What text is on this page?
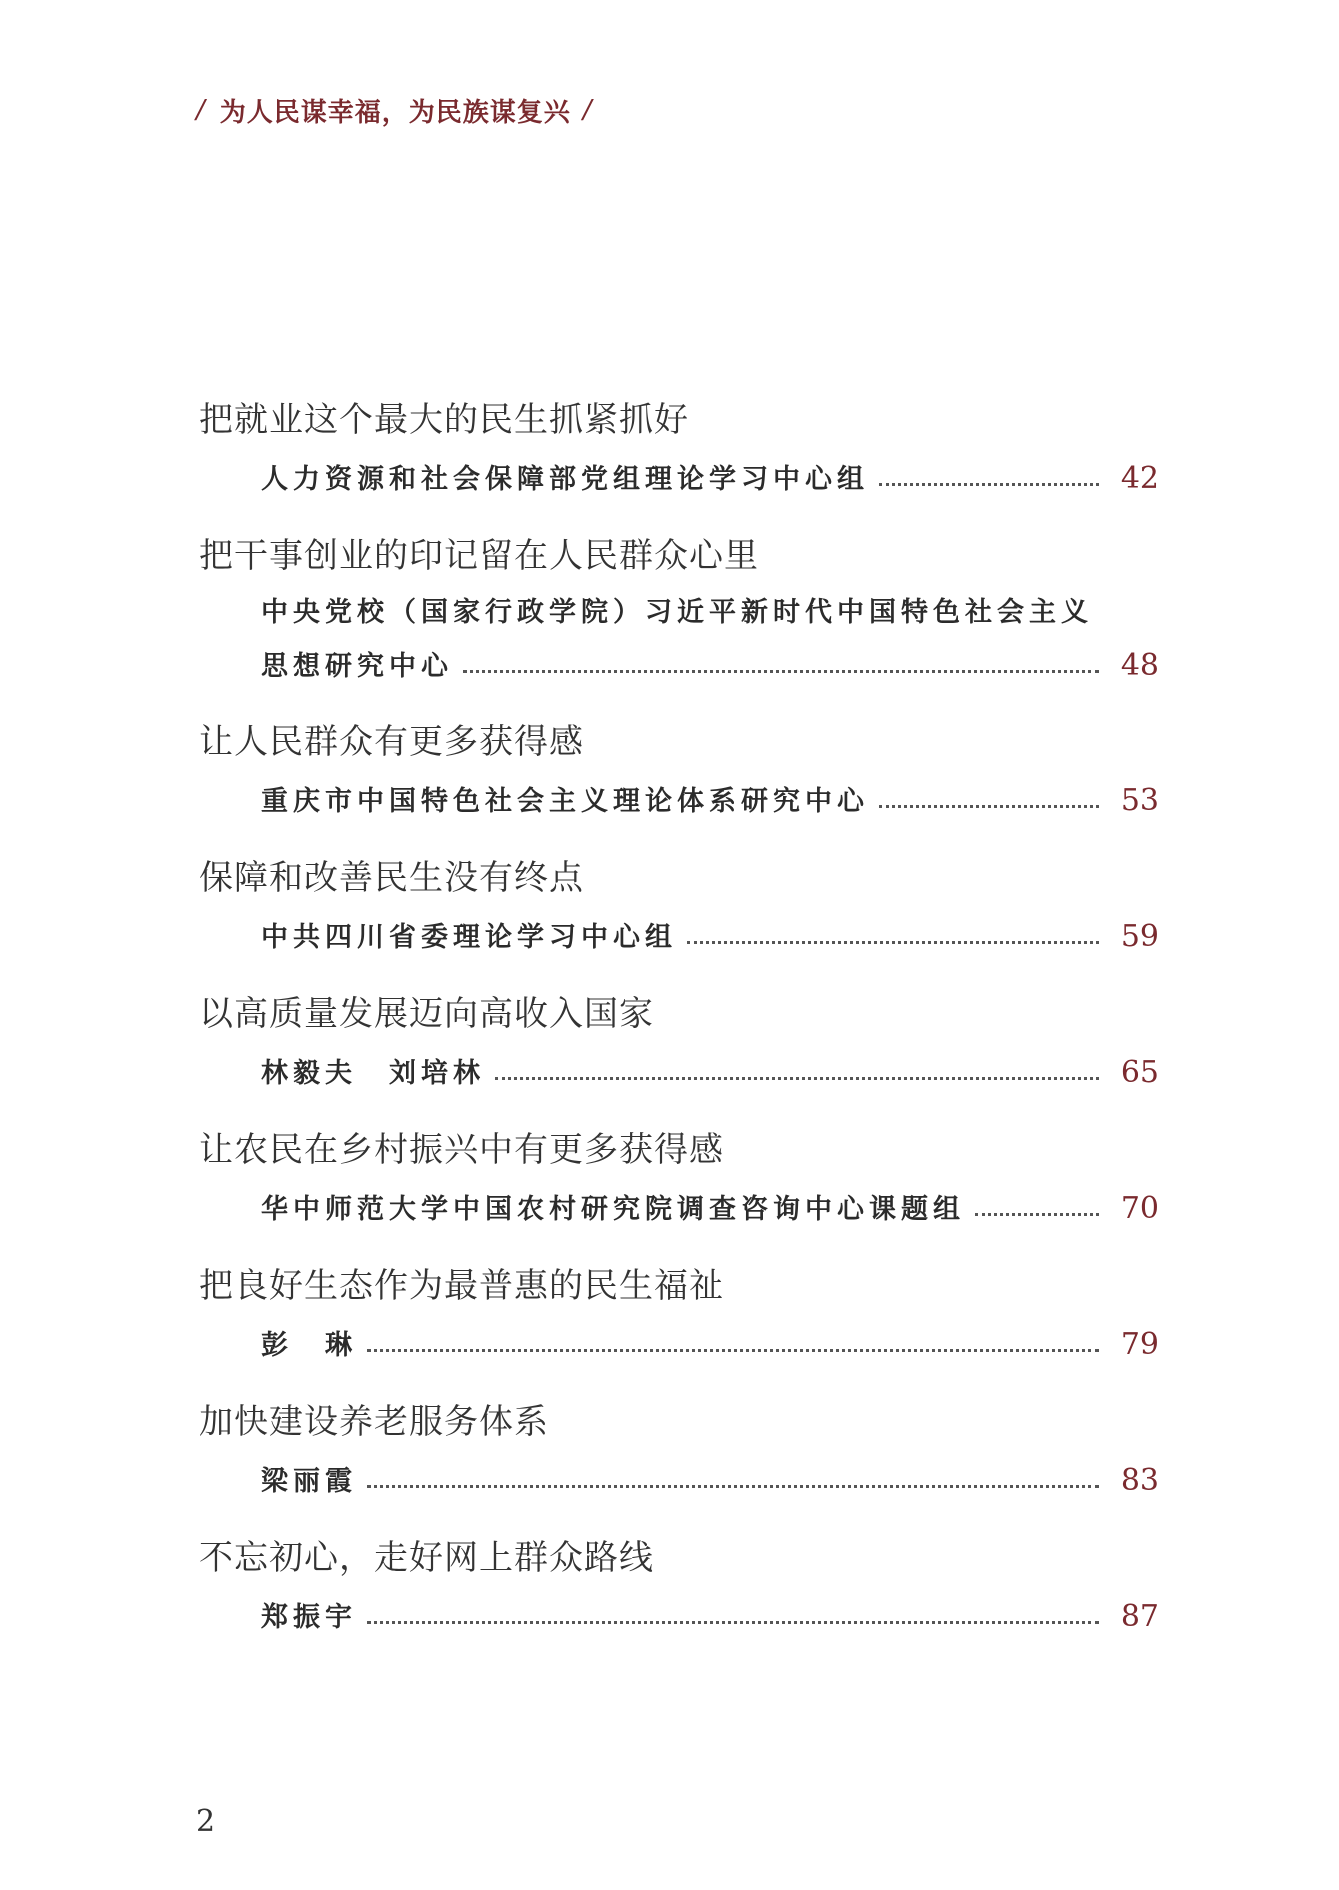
/ 为人民谋幸福，为民族谋复兴 /
把就业这个最大的民生抓紧抓好
人力资源和社会保障部党组理论学习中心组	42
把干事创业的印记留在人民群众心里
中央党校（国家行政学院）习近平新时代中国特色社会主义
思想研究中心	48
让人民群众有更多获得感
重庆市中国特色社会主义理论体系研究中心	53
保障和改善民生没有终点
中共四川省委理论学习中心组	59
以高质量发展迈向高收入国家
林毅夫　刘培林	65
让农民在乡村振兴中有更多获得感
华中师范大学中国农村研究院调查咨询中心课题组	70
把良好生态作为最普惠的民生福祉
彭　琳	79
加快建设养老服务体系
梁丽霞	83
不忘初心，走好网上群众路线
郑振宇	87
2
